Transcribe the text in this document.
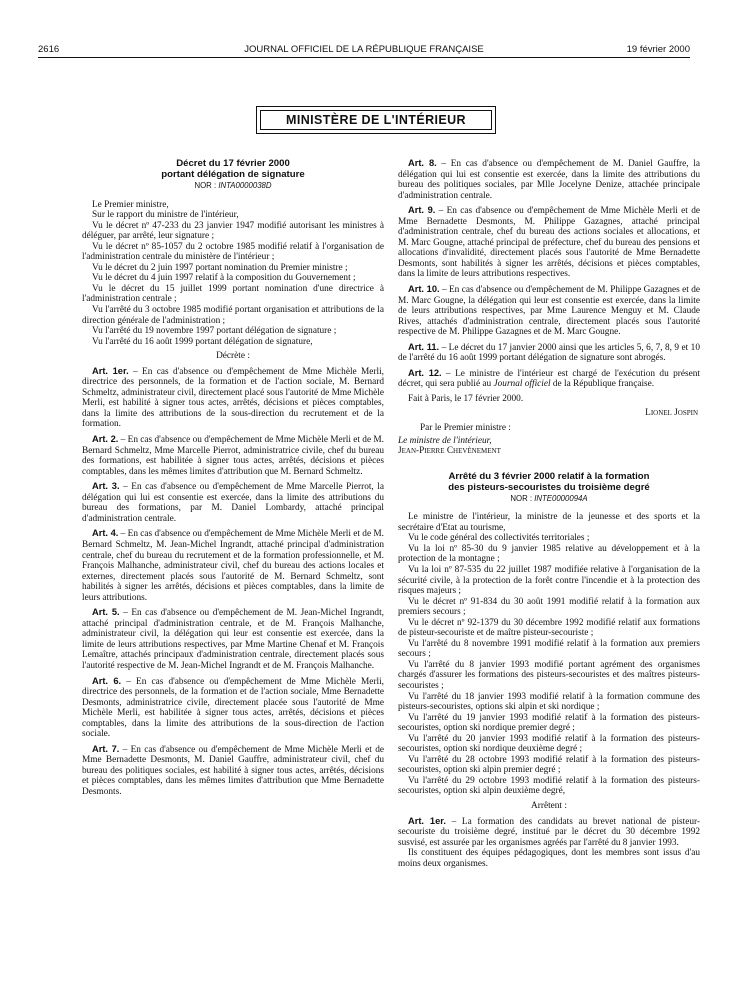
2616	JOURNAL OFFICIEL DE LA RÉPUBLIQUE FRANÇAISE	19 février 2000
MINISTÈRE DE L'INTÉRIEUR
Décret du 17 février 2000
portant délégation de signature
NOR : INTA0000038D

Le Premier ministre,

Sur le rapport du ministre de l'intérieur,

Vu le décret nº 47-233 du 23 janvier 1947 modifié autorisant les ministres à déléguer, par arrêté, leur signature ;

Vu le décret nº 85-1057 du 2 octobre 1985 modifié relatif à l'organisation de l'administration centrale du ministère de l'intérieur ;

Vu le décret du 2 juin 1997 portant nomination du Premier ministre ;

Vu le décret du 4 juin 1997 relatif à la composition du Gouvernement ;

Vu le décret du 15 juillet 1999 portant nomination d'une directrice à l'administration centrale ;

Vu l'arrêté du 3 octobre 1985 modifié portant organisation et attributions de la direction générale de l'administration ;

Vu l'arrêté du 19 novembre 1997 portant délégation de signature ;

Vu l'arrêté du 16 août 1999 portant délégation de signature,

Décrète :

Art. 1er. – En cas d'absence ou d'empêchement de Mme Michèle Merli, directrice des personnels, de la formation et de l'action sociale, M. Bernard Schmeltz, administrateur civil, directement placé sous l'autorité de Mme Michèle Merli, est habilité à signer tous actes, arrêtés, décisions et pièces comptables, dans la limite des attributions de la sous-direction du recrutement et de la formation.

Art. 2. – En cas d'absence ou d'empêchement de Mme Michèle Merli et de M. Bernard Schmeltz, Mme Marcelle Pierrot, administratrice civile, chef du bureau des formations, est habilitée à signer tous actes, arrêtés, décisions et pièces comptables, dans les mêmes limites d'attribution que M. Bernard Schmeltz.

Art. 3. – En cas d'absence ou d'empêchement de Mme Marcelle Pierrot, la délégation qui lui est consentie est exercée, dans la limite des attributions du bureau des formations, par M. Daniel Lombardy, attaché principal d'administration centrale.

Art. 4. – En cas d'absence ou d'empêchement de Mme Michèle Merli et de M. Bernard Schmeltz, M. Jean-Michel Ingrandt, attaché principal d'administration centrale, chef du bureau du recrutement et de la formation professionnelle, et M. François Malhanche, administrateur civil, chef du bureau des actions locales et externes, directement placés sous l'autorité de M. Bernard Schmeltz, sont habilités à signer les arrêtés, décisions et pièces comptables, dans la limite de leurs attributions.

Art. 5. – En cas d'absence ou d'empêchement de M. Jean-Michel Ingrandt, attaché principal d'administration centrale, et de M. François Malhanche, administrateur civil, la délégation qui leur est consentie est exercée, dans la limite de leurs attributions respectives, par Mme Martine Chenaf et M. François Lemaître, attachés principaux d'administration centrale, directement placés sous l'autorité respective de M. Jean-Michel Ingrandt et de M. François Malhanche.

Art. 6. – En cas d'absence ou d'empêchement de Mme Michèle Merli, directrice des personnels, de la formation et de l'action sociale, Mme Bernadette Desmonts, administratrice civile, directement placée sous l'autorité de Mme Michèle Merli, est habilitée à signer tous actes, arrêtés, décisions et pièces comptables, dans la limite des attributions de la sous-direction de l'action sociale.

Art. 7. – En cas d'absence ou d'empêchement de Mme Michèle Merli et de Mme Bernadette Desmonts, M. Daniel Gauffre, administrateur civil, chef du bureau des politiques sociales, est habilité à signer tous actes, arrêtés, décisions et pièces comptables, dans les mêmes limites d'attribution que Mme Bernadette Desmonts.

Art. 8. – En cas d'absence ou d'empêchement de M. Daniel Gauffre, la délégation qui lui est consentie est exercée, dans la limite des attributions du bureau des politiques sociales, par Mlle Jocelyne Denize, attachée principale d'administration centrale.

Art. 9. – En cas d'absence ou d'empêchement de Mme Michèle Merli et de Mme Bernadette Desmonts, M. Philippe Gazagnes, attaché principal d'administration centrale, chef du bureau des actions sociales et allocations, et M. Marc Gougne, attaché principal de préfecture, chef du bureau des pensions et allocations d'invalidité, directement placés sous l'autorité de Mme Bernadette Desmonts, sont habilités à signer les arrêtés, décisions et pièces comptables, dans la limite de leurs attributions respectives.

Art. 10. – En cas d'absence ou d'empêchement de M. Philippe Gazagnes et de M. Marc Gougne, la délégation qui leur est consentie est exercée, dans la limite de leurs attributions respectives, par Mme Laurence Menguy et M. Claude Rives, attachés d'administration centrale, directement placés sous l'autorité respective de M. Philippe Gazagnes et de M. Marc Gougne.

Art. 11. – Le décret du 17 janvier 2000 ainsi que les articles 5, 6, 7, 8, 9 et 10 de l'arrêté du 16 août 1999 portant délégation de signature sont abrogés.

Art. 12. – Le ministre de l'intérieur est chargé de l'exécution du présent décret, qui sera publié au Journal officiel de la République française.

Fait à Paris, le 17 février 2000.

Lionel Jospin

Par le Premier ministre :

Le ministre de l'intérieur,

Jean-Pierre Chevènement

Arrêté du 3 février 2000 relatif à la formation
des pisteurs-secouristes du troisième degré
NOR : INTE0000094A

Le ministre de l'intérieur, la ministre de la jeunesse et des sports et la secrétaire d'Etat au tourisme,

Vu le code général des collectivités territoriales ;

Vu la loi nº 85-30 du 9 janvier 1985 relative au développement et à la protection de la montagne ;

Vu la loi nº 87-535 du 22 juillet 1987 modifiée relative à l'organisation de la sécurité civile, à la protection de la forêt contre l'incendie et à la protection des risques majeurs ;

Vu le décret nº 91-834 du 30 août 1991 modifié relatif à la formation aux premiers secours ;

Vu le décret nº 92-1379 du 30 décembre 1992 modifié relatif aux formations de pisteur-secouriste et de maître pisteur-secouriste ;

Vu l'arrêté du 8 novembre 1991 modifié relatif à la formation aux premiers secours ;

Vu l'arrêté du 8 janvier 1993 modifié portant agrément des organismes chargés d'assurer les formations des pisteurs-secouristes et des maîtres pisteurs-secouristes ;

Vu l'arrêté du 18 janvier 1993 modifié relatif à la formation commune des pisteurs-secouristes, options ski alpin et ski nordique ;

Vu l'arrêté du 19 janvier 1993 modifié relatif à la formation des pisteurs-secouristes, option ski nordique premier degré ;

Vu l'arrêté du 20 janvier 1993 modifié relatif à la formation des pisteurs-secouristes, option ski nordique deuxième degré ;

Vu l'arrêté du 28 octobre 1993 modifié relatif à la formation des pisteurs-secouristes, option ski alpin premier degré ;

Vu l'arrêté du 29 octobre 1993 modifié relatif à la formation des pisteurs-secouristes, option ski alpin deuxième degré,

Arrêtent :

Art. 1er. – La formation des candidats au brevet national de pisteur-secouriste du troisième degré, institué par le décret du 30 décembre 1992 susvisé, est assurée par les organismes agréés par l'arrêté du 8 janvier 1993.

Ils constituent des équipes pédagogiques, dont les membres sont issus d'au moins deux organismes.
